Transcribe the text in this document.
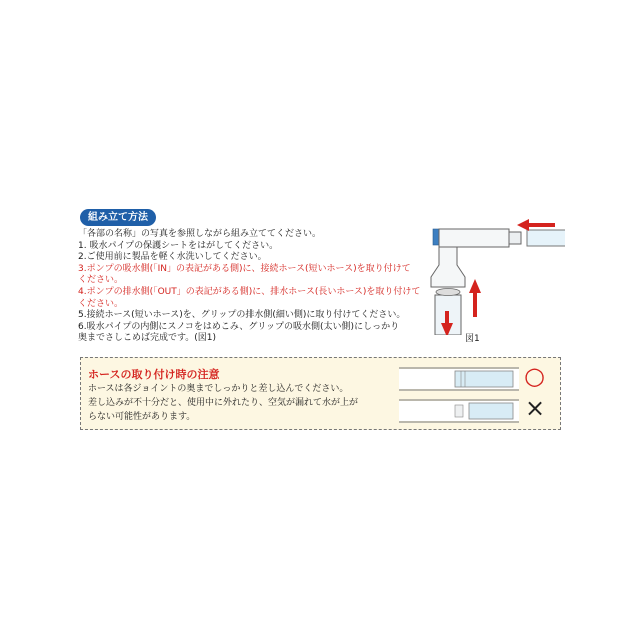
組み立て方法
「各部の名称」の写真を参照しながら組み立ててください。
1. 吸水パイプの保護シートをはがしてください。
2.ご使用前に製品を軽く水洗いしてください。
3.ポンプの吸水側(「IN」の表記がある側)に、接続ホース(短いホース)を取り付けて
ください。
4.ポンプの排水側(「OUT」の表記がある側)に、排水ホース(長いホース)を取り付けて
ください。
5.接続ホース(短いホース)を、グリップの排水側(細い側)に取り付けてください。
6.吸水パイプの内側にスノコをはめこみ、グリップの吸水側(太い側)にしっかり
奥までさしこめば完成です。(図1)	図1
ホースの取り付け時の注意
ホースは各ジョイントの奥までしっかりと差し込んでください。
差し込みが不十分だと、使用中に外れたり、空気が漏れて水が上が
らない可能性があります。
○
×
